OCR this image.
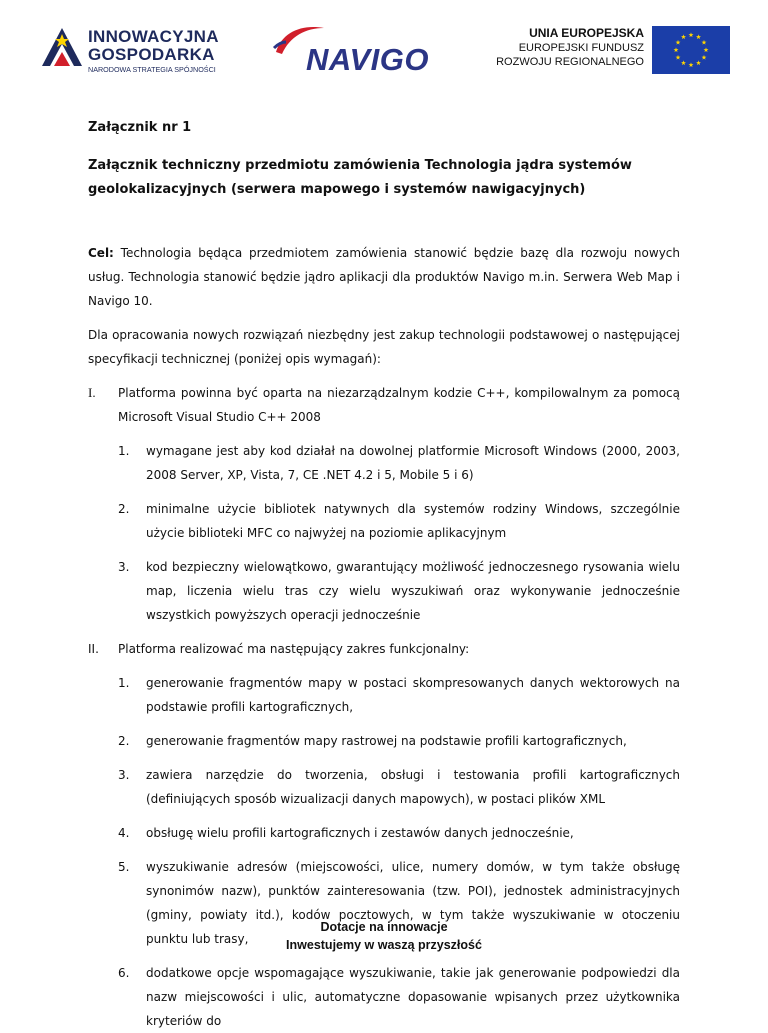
INNOWACYJNA
GOSPODARKA
NARODOWA STRATEGIA SPÓJNOŚCI	NAVIGO
UNIA EUROPEJSKA
EUROPEJSKI FUNDUSZ
ROZWOJU REGIONALNEGO

Załącznik nr 1

Załącznik techniczny przedmiotu zamówienia Technologia jądra systemów geolokalizacyjnych (serwera mapowego i systemów nawigacyjnych)

Cel: Technologia będąca przedmiotem zamówienia stanowić będzie bazę dla rozwoju nowych usług. Technologia stanowić będzie jądro aplikacji dla produktów Navigo m.in. Serwera Web Map i Navigo 10.

Dla opracowania nowych rozwiązań niezbędny jest zakup technologii podstawowej o następującej specyfikacji technicznej (poniżej opis wymagań):

I. Platforma powinna być oparta na niezarządzalnym kodzie C++, kompilowalnym za pomocą Microsoft Visual Studio C++ 2008
1. wymagane jest aby kod działał na dowolnej platformie Microsoft Windows (2000, 2003, 2008 Server, XP, Vista, 7, CE .NET 4.2 i 5, Mobile 5 i 6)
2. minimalne użycie bibliotek natywnych dla systemów rodziny Windows, szczególnie użycie biblioteki MFC co najwyżej na poziomie aplikacyjnym
3. kod bezpieczny wielowątkowo, gwarantujący możliwość jednoczesnego rysowania wielu map, liczenia wielu tras czy wielu wyszukiwań oraz wykonywanie jednocześnie wszystkich powyższych operacji jednocześnie
II. Platforma realizować ma następujący zakres funkcjonalny:
1. generowanie fragmentów mapy w postaci skompresowanych danych wektorowych na podstawie profili kartograficznych,
2. generowanie fragmentów mapy rastrowej na podstawie profili kartograficznych,
3. zawiera narzędzie do tworzenia, obsługi i testowania profili kartograficznych (definiujących sposób wizualizacji danych mapowych), w postaci plików XML
4. obsługę wielu profili kartograficznych i zestawów danych jednocześnie,
5. wyszukiwanie adresów (miejscowości, ulice, numery domów, w tym także obsługę synonimów nazw), punktów zainteresowania (tzw. POI), jednostek administracyjnych (gminy, powiaty itd.), kodów pocztowych, w tym także wyszukiwanie w otoczeniu punktu lub trasy,
6. dodatkowe opcje wspomagające wyszukiwanie, takie jak generowanie podpowiedzi dla nazw miejscowości i ulic, automatyczne dopasowanie wpisanych przez użytkownika kryteriów do
Dotacje na innowacje
Inwestujemy w waszą przyszłość
